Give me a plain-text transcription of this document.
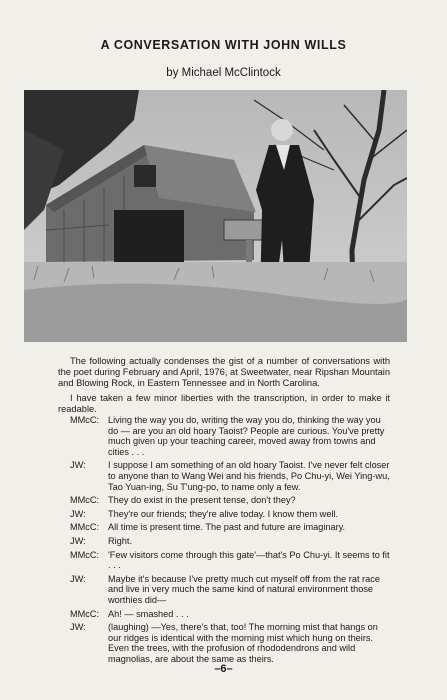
A CONVERSATION WITH JOHN WILLS
by Michael McClintock

The following actually condenses the gist of a number of conversations with the poet during February and April, 1976, at Sweetwater, near Ripshan Mountain and Blowing Rock, in Eastern Tennessee and in North Carolina.

I have taken a few minor liberties with the transcription, in order to make it readable.

MMcC: Living the way you do, writing the way you do, thinking the way you do — are you an old hoary Taoist? People are curious. You've pretty much given up your teaching career, moved away from towns and cities . . .
JW:	I suppose I am something of an old hoary Taoist. I've never felt closer to anyone than to Wang Wei and his friends, Po Chu-yi, Wei Ying-wu, Tao Yuan-ing, Su T'ung-po, to name only a few.
MMcC: They do exist in the present tense, don't they?
JW:	They're our friends; they're alive today. I know them well.
MMcC: All time is present time. The past and future are imaginary.
JW:	Right.
MMcC: 'Few visitors come through this gate'—that's Po Chu-yi. It seems to fit . . .
JW:	Maybe it's because I've pretty much cut myself off from the rat race and live in very much the same kind of natural environment those worthies did—
MMcC: Ah! — smashed . . .
JW:	(laughing) —Yes, there's that, too! The morning mist that hangs on our ridges is identical with the morning mist which hung on theirs. Even the trees, with the profusion of rhododendrons and wild magnolias, are about the same as theirs.
–6–
